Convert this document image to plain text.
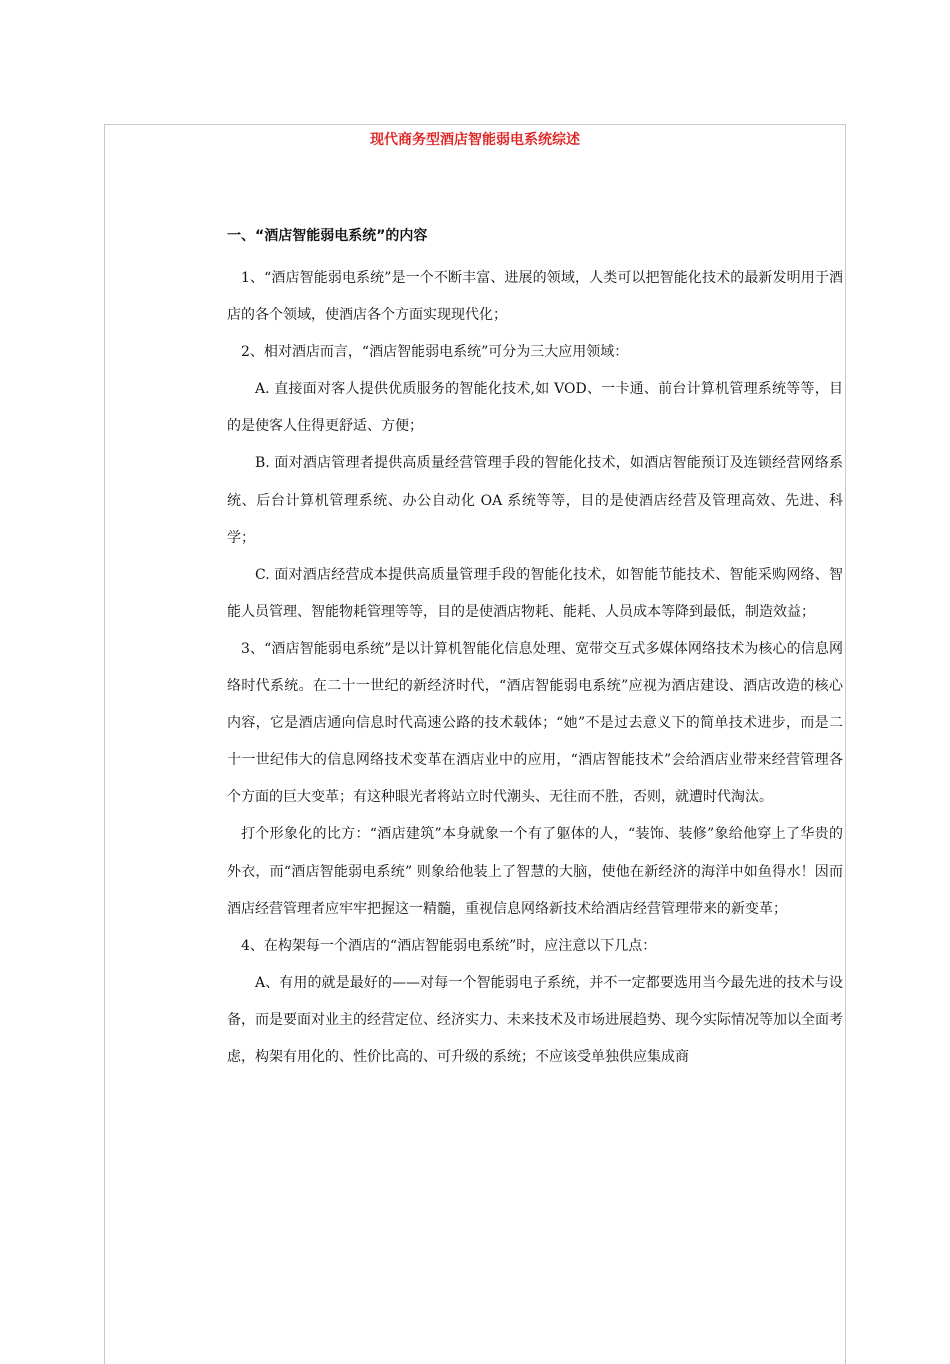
现代商务型酒店智能弱电系统综述
一、“酒店智能弱电系统”的内容

1、“酒店智能弱电系统”是一个不断丰富、进展的领域，人类可以把智能化技术的最新发明用于酒店的各个领域，使酒店各个方面实现现代化；

2、相对酒店而言，“酒店智能弱电系统”可分为三大应用领域：

A. 直接面对客人提供优质服务的智能化技术,如 VOD、一卡通、前台计算机管理系统等等，目的是使客人住得更舒适、方便；

B. 面对酒店管理者提供高质量经营管理手段的智能化技术，如酒店智能预订及连锁经营网络系统、后台计算机管理系统、办公自动化 OA 系统等等，目的是使酒店经营及管理高效、先进、科学；

C. 面对酒店经营成本提供高质量管理手段的智能化技术，如智能节能技术、智能采购网络、智能人员管理、智能物耗管理等等，目的是使酒店物耗、能耗、人员成本等降到最低，制造效益；

3、“酒店智能弱电系统”是以计算机智能化信息处理、宽带交互式多媒体网络技术为核心的信息网络时代系统。在二十一世纪的新经济时代，“酒店智能弱电系统”应视为酒店建设、酒店改造的核心内容，它是酒店通向信息时代高速公路的技术载体；“她”不是过去意义下的简单技术进步，而是二十一世纪伟大的信息网络技术变革在酒店业中的应用，“酒店智能技术”会给酒店业带来经营管理各个方面的巨大变革；有这种眼光者将站立时代潮头、无往而不胜，否则，就遭时代淘汰。

打个形象化的比方：“酒店建筑”本身就象一个有了躯体的人，“装饰、装修”象给他穿上了华贵的外衣，而“酒店智能弱电系统” 则象给他装上了智慧的大脑，使他在新经济的海洋中如鱼得水！因而酒店经营管理者应牢牢把握这一精髓，重视信息网络新技术给酒店经营管理带来的新变革；

4、在构架每一个酒店的“酒店智能弱电系统”时，应注意以下几点：

A、有用的就是最好的——对每一个智能弱电子系统，并不一定都要选用当今最先进的技术与设备，而是要面对业主的经营定位、经济实力、未来技术及市场进展趋势、现今实际情况等加以全面考虑，构架有用化的、性价比高的、可升级的系统；不应该受单独供应集成商
